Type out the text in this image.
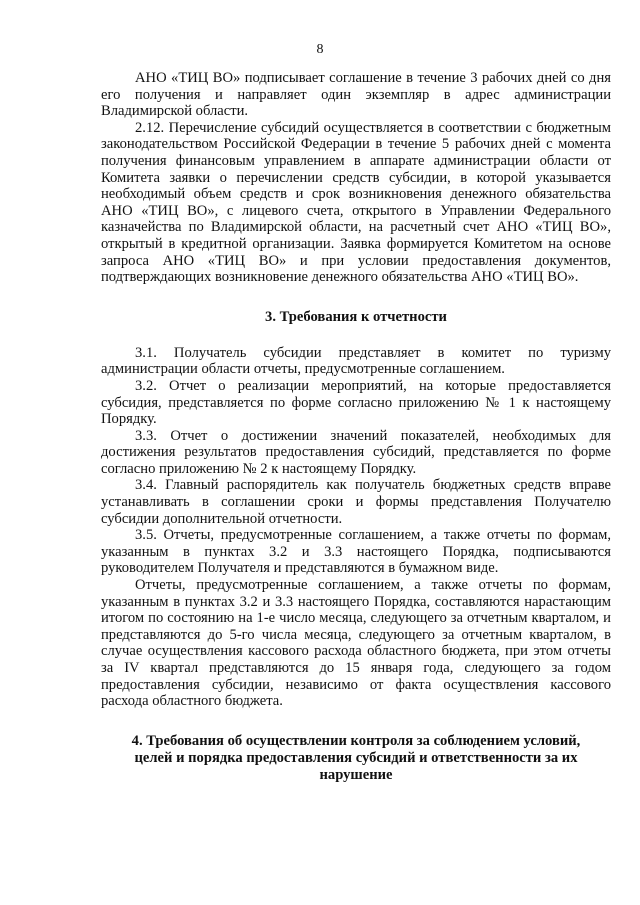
8

АНО «ТИЦ ВО» подписывает соглашение в течение 3 рабочих дней со дня его получения и направляет один экземпляр в адрес администрации Владимирской области.

2.12. Перечисление субсидий осуществляется в соответствии с бюджетным законодательством Российской Федерации в течение 5 рабочих дней с момента получения финансовым управлением в аппарате администрации области от Комитета заявки о перечислении средств субсидии, в которой указывается необходимый объем средств и срок возникновения денежного обязательства АНО «ТИЦ ВО», с лицевого счета, открытого в Управлении Федерального казначейства по Владимирской области, на расчетный счет АНО «ТИЦ ВО», открытый в кредитной организации. Заявка формируется Комитетом на основе запроса АНО «ТИЦ ВО» и при условии предоставления документов, подтверждающих возникновение денежного обязательства АНО «ТИЦ ВО».

3. Требования к отчетности

3.1. Получатель субсидии представляет в комитет по туризму администрации области отчеты, предусмотренные соглашением.

3.2. Отчет о реализации мероприятий, на которые предоставляется субсидия, представляется по форме согласно приложению № 1 к настоящему Порядку.

3.3. Отчет о достижении значений показателей, необходимых для достижения результатов предоставления субсидий, представляется по форме согласно приложению № 2 к настоящему Порядку.

3.4. Главный распорядитель как получатель бюджетных средств вправе устанавливать в соглашении сроки и формы представления Получателю субсидии дополнительной отчетности.

3.5. Отчеты, предусмотренные соглашением, а также отчеты по формам, указанным в пунктах 3.2 и 3.3 настоящего Порядка, подписываются руководителем Получателя и представляются в бумажном виде.

Отчеты, предусмотренные соглашением, а также отчеты по формам, указанным в пунктах 3.2 и 3.3 настоящего Порядка, составляются нарастающим итогом по состоянию на 1-е число месяца, следующего за отчетным кварталом, и представляются до 5-го числа месяца, следующего за отчетным кварталом, в случае осуществления кассового расхода областного бюджета, при этом отчеты за IV квартал представляются до 15 января года, следующего за годом предоставления субсидии, независимо от факта осуществления кассового расхода областного бюджета.

4. Требования об осуществлении контроля за соблюдением условий, целей и порядка предоставления субсидий и ответственности за их нарушение
